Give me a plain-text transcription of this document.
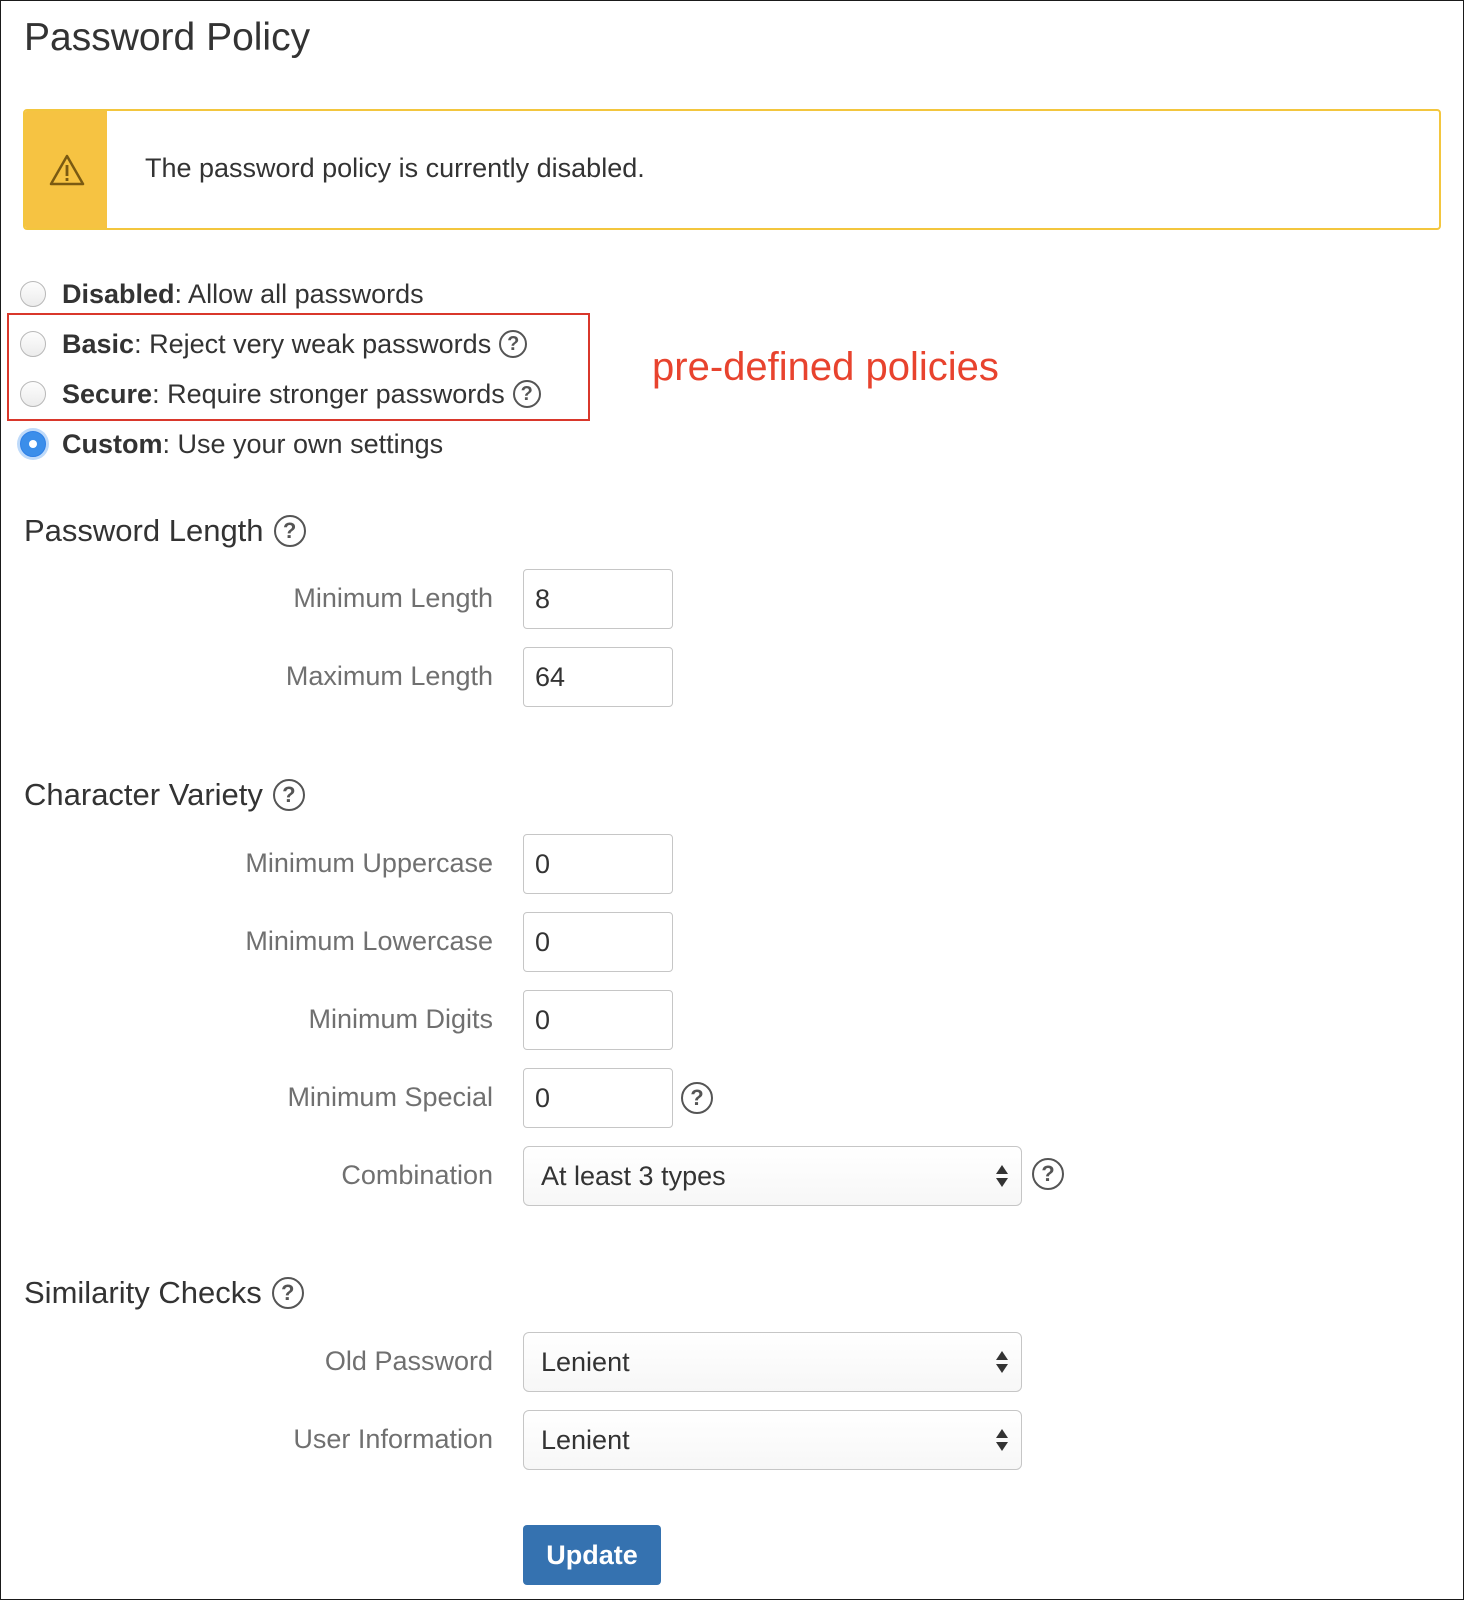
Password Policy
The password policy is currently disabled.
Disabled : Allow all passwords
Basic : Reject very weak passwords ?
Secure : Require stronger passwords ?
Custom : Use your own settings
pre-defined policies
Password Length ?
Minimum Length
8
Maximum Length
64
Character Variety ?
Minimum Uppercase
0
Minimum Lowercase
0
Minimum Digits
0
Minimum Special
0	?
Combination At least 3 types	?
Similarity Checks ?
Old Password Lenient
User Information Lenient
Update
